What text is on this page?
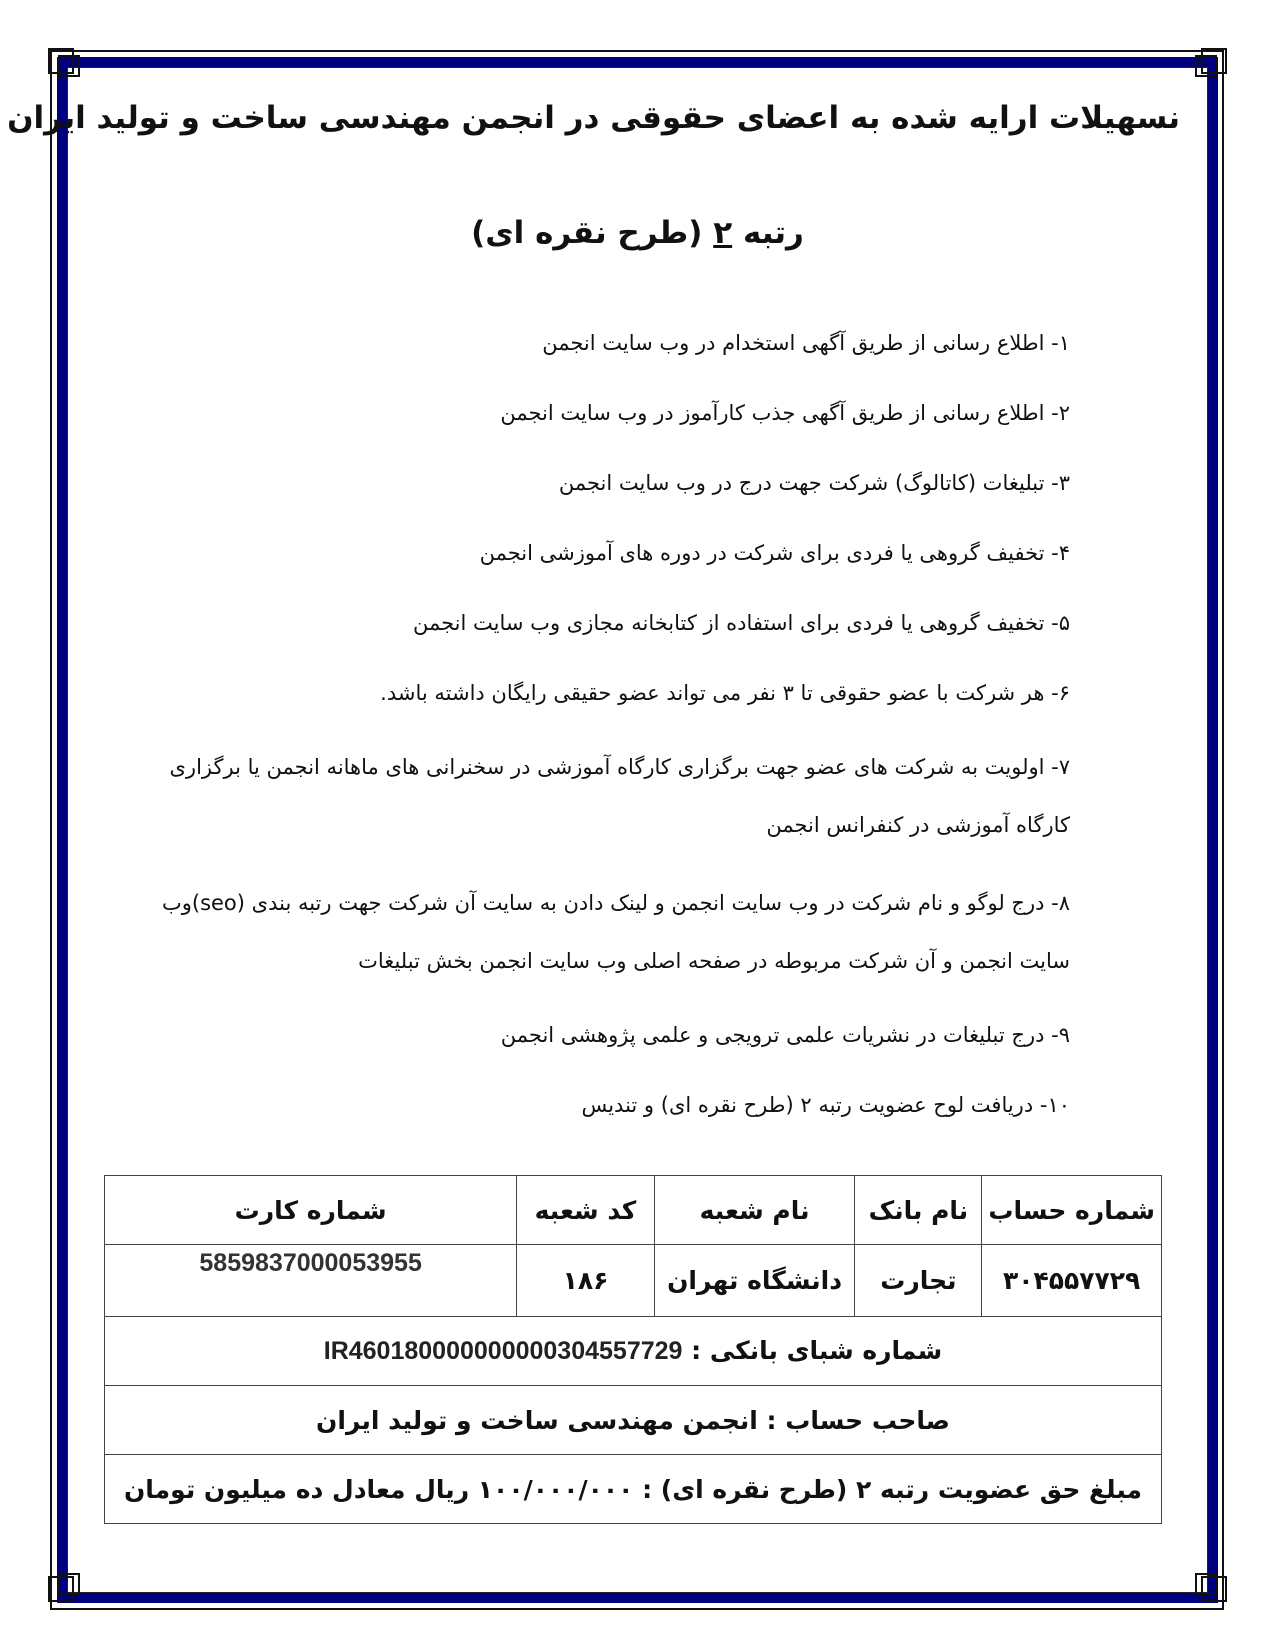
نسهیلات ارایه شده به اعضای حقوقی در انجمن مهندسی ساخت و تولید ایران
رتبه ۲ (طرح نقره ای)
۱- اطلاع رسانی از طریق آگهی استخدام در وب سایت انجمن
۲- اطلاع رسانی از طریق آگهی جذب کارآموز در وب سایت انجمن
۳- تبلیغات (کاتالوگ) شرکت جهت درج در وب سایت انجمن
۴- تخفیف گروهی یا فردی برای شرکت در دوره های آموزشی انجمن
۵- تخفیف گروهی یا فردی برای استفاده از کتابخانه مجازی وب سایت انجمن
۶- هر شرکت با عضو حقوقی تا ۳ نفر می تواند عضو حقیقی رایگان داشته باشد.
۷- اولویت به شرکت های عضو جهت برگزاری کارگاه آموزشی در سخنرانی های ماهانه انجمن یا برگزاری کارگاه آموزشی در کنفرانس انجمن
۸- درج لوگو و نام شرکت در وب سایت انجمن و لینک دادن به سایت آن شرکت جهت رتبه بندی (seo)وب سایت انجمن و آن شرکت مربوطه در صفحه اصلی وب سایت انجمن بخش تبلیغات
۹- درج تبلیغات در نشریات علمی ترویجی و علمی پژوهشی انجمن
۱۰- دریافت لوح عضویت رتبه ۲ (طرح نقره ای) و تندیس
شماره حساب	نام بانک	نام شعبه	کد شعبه	شماره کارت
۳۰۴۵۵۷۷۲۹	تجارت	دانشگاه تهران	۱۸۶	5859837000053955
شماره شبای بانکی : IR460180000000000304557729				
صاحب حساب : انجمن مهندسی ساخت و تولید ایران				
مبلغ حق عضویت رتبه ۲ (طرح نقره ای) : ۱۰۰/۰۰۰/۰۰۰ ریال معادل ده میلیون تومان				
